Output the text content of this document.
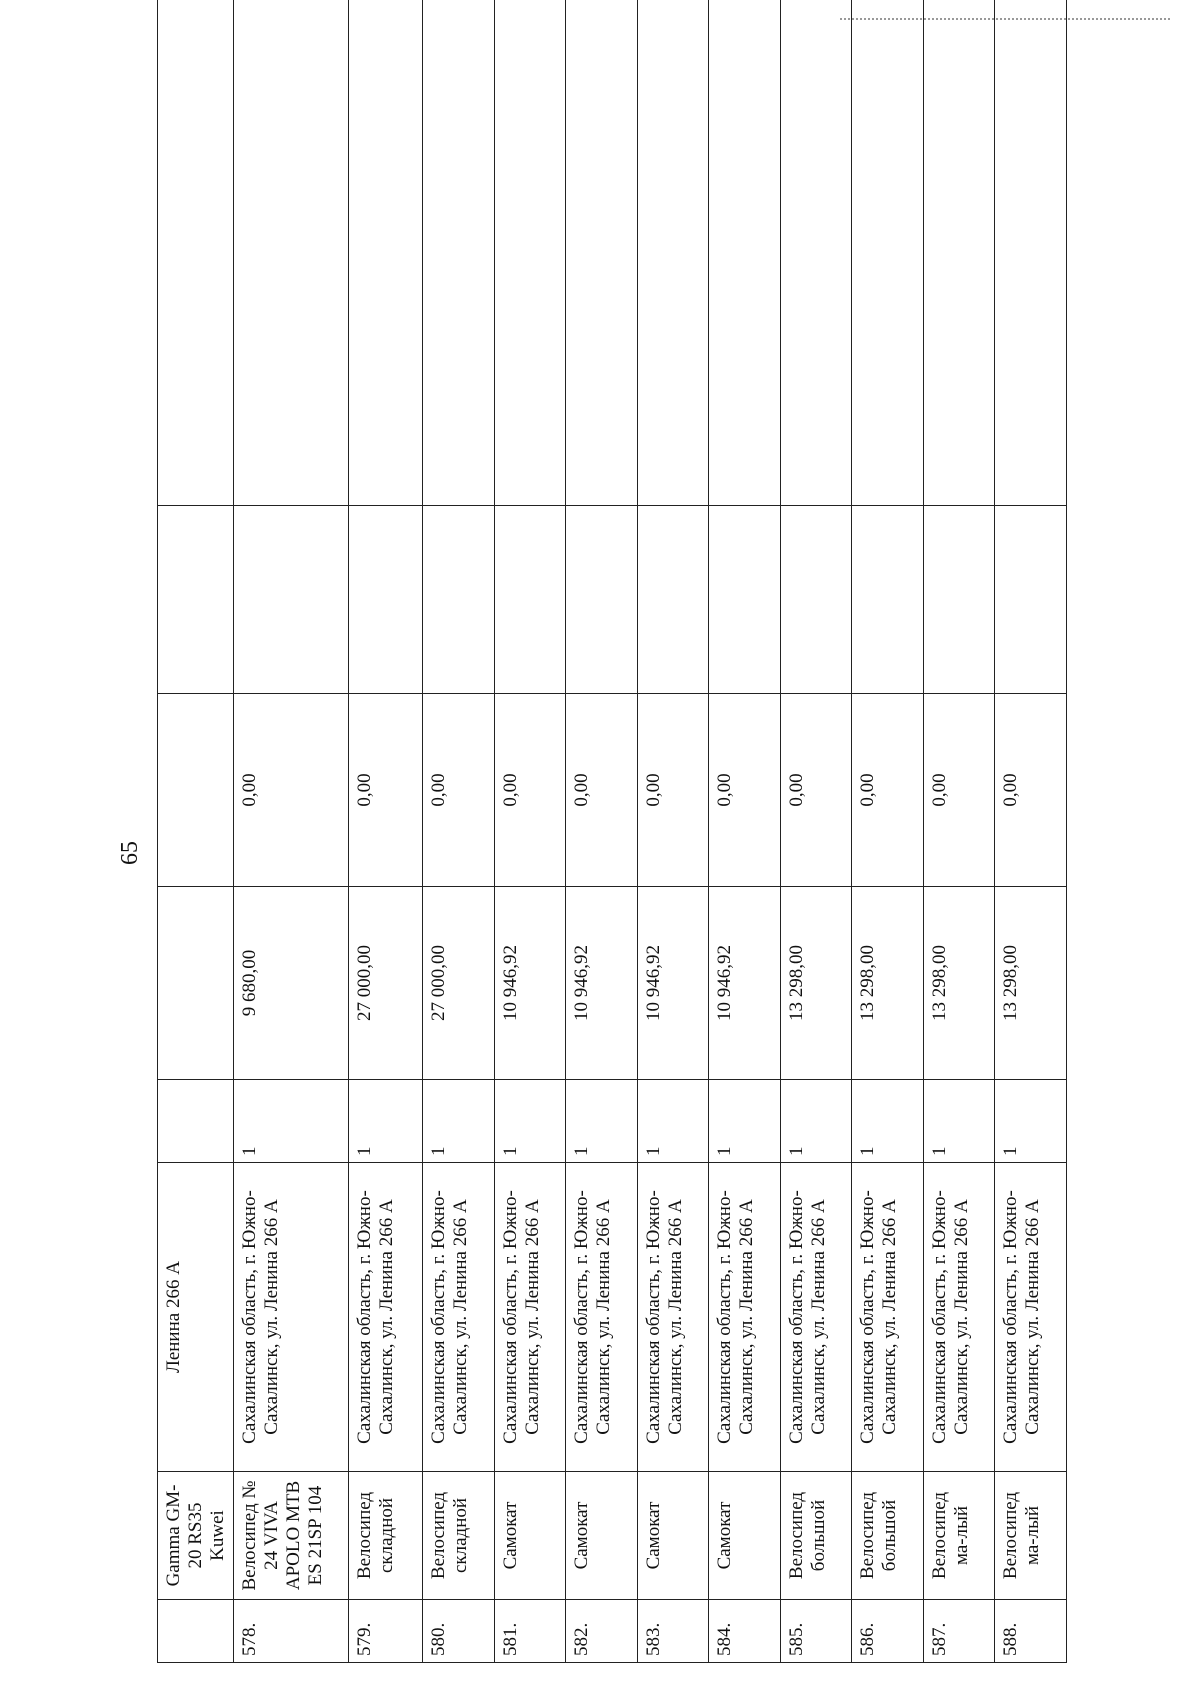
65
	Gamma GM-20 RS35 Kuwei	Ленина 266 А					
578.	Велосипед № 24 VIVA APOLO MTB ES 21SP 104	Сахалинская область, г. Южно-Сахалинск, ул. Ленина 266 А	1	9 680,00	0,00		
579.	Велосипед складной	Сахалинская область, г. Южно-Сахалинск, ул. Ленина 266 А	1	27 000,00	0,00		
580.	Велосипед складной	Сахалинская область, г. Южно-Сахалинск, ул. Ленина 266 А	1	27 000,00	0,00		
581.	Самокат	Сахалинская область, г. Южно-Сахалинск, ул. Ленина 266 А	1	10 946,92	0,00		
582.	Самокат	Сахалинская область, г. Южно-Сахалинск, ул. Ленина 266 А	1	10 946,92	0,00		
583.	Самокат	Сахалинская область, г. Южно-Сахалинск, ул. Ленина 266 А	1	10 946,92	0,00		
584.	Самокат	Сахалинская область, г. Южно-Сахалинск, ул. Ленина 266 А	1	10 946,92	0,00		
585.	Велосипед большой	Сахалинская область, г. Южно-Сахалинск, ул. Ленина 266 А	1	13 298,00	0,00		
586.	Велосипед большой	Сахалинская область, г. Южно-Сахалинск, ул. Ленина 266 А	1	13 298,00	0,00		
587.	Велосипед ма-лый	Сахалинская область, г. Южно-Сахалинск, ул. Ленина 266 А	1	13 298,00	0,00		
588.	Велосипед ма-лый	Сахалинская область, г. Южно-Сахалинск, ул. Ленина 266 А	1	13 298,00	0,00		
